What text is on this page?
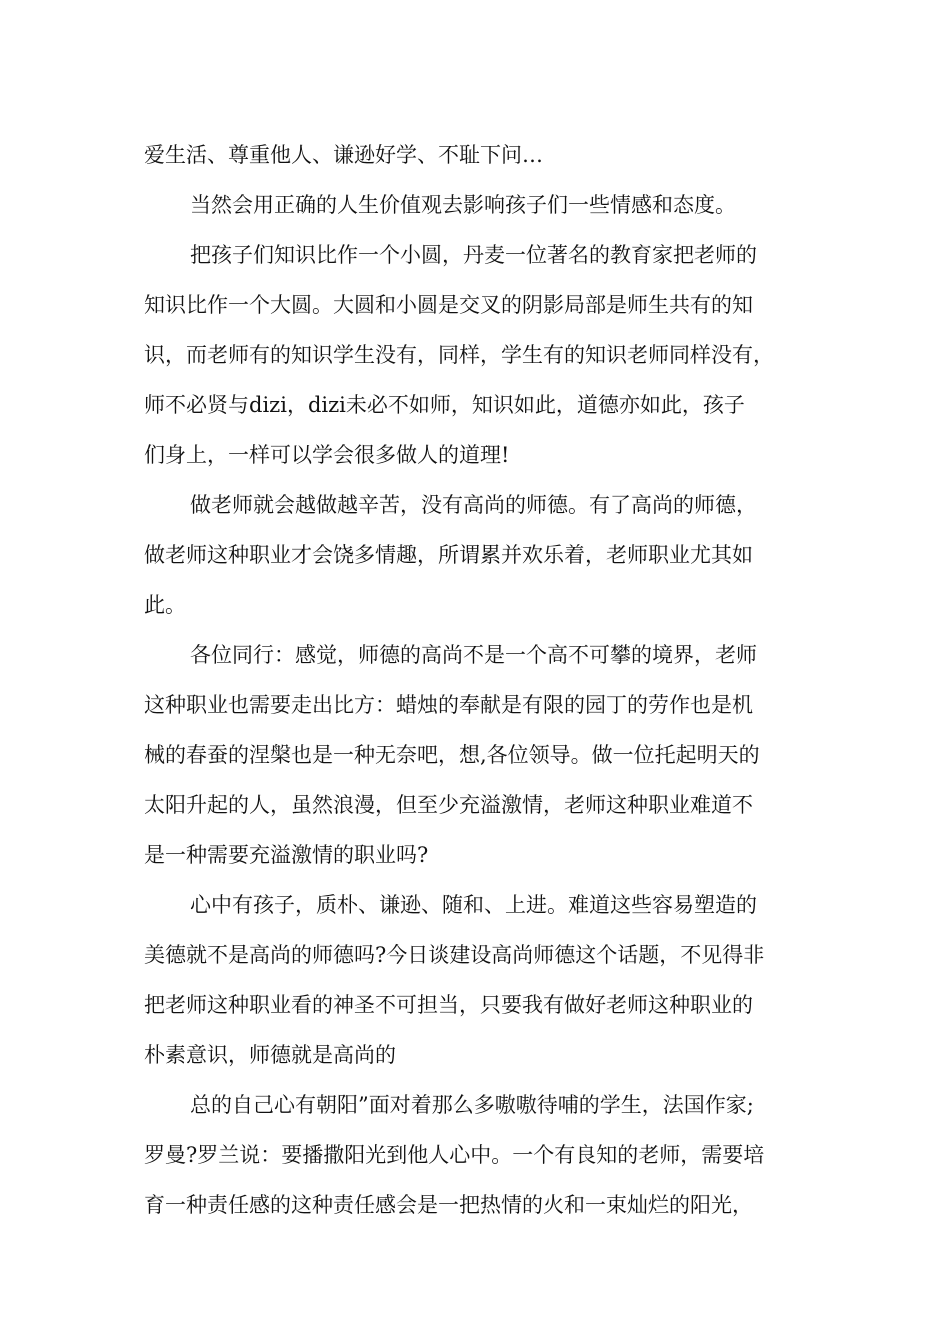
爱生活、尊重他人、谦逊好学、不耻下问…

当然会用正确的人生价值观去影响孩子们一些情感和态度。

把孩子们知识比作一个小圆，丹麦一位著名的教育家把老师的
知识比作一个大圆。大圆和小圆是交叉的阴影局部是师生共有的知
识，而老师有的知识学生没有，同样，学生有的知识老师同样没有，
师不必贤与dizi，dizi未必不如师，知识如此，道德亦如此，孩子
们身上，一样可以学会很多做人的道理!

做老师就会越做越辛苦，没有高尚的师德。有了高尚的师德，
做老师这种职业才会饶多情趣，所谓累并欢乐着，老师职业尤其如
此。

各位同行：感觉，师德的高尚不是一个高不可攀的境界，老师
这种职业也需要走出比方：蜡烛的奉献是有限的园丁的劳作也是机
械的春蚕的涅槃也是一种无奈吧，想,各位领导。做一位托起明天的
太阳升起的人，虽然浪漫，但至少充溢激情，老师这种职业难道不
是一种需要充溢激情的职业吗?

心中有孩子，质朴、谦逊、随和、上进。难道这些容易塑造的
美德就不是高尚的师德吗?今日谈建设高尚师德这个话题，不见得非
把老师这种职业看的神圣不可担当，只要我有做好老师这种职业的
朴素意识，师德就是高尚的

总的自己心有朝阳”面对着那么多嗷嗷待哺的学生，法国作家;
罗曼?罗兰说：要播撒阳光到他人心中。一个有良知的老师，需要培
育一种责任感的这种责任感会是一把热情的火和一束灿烂的阳光，
